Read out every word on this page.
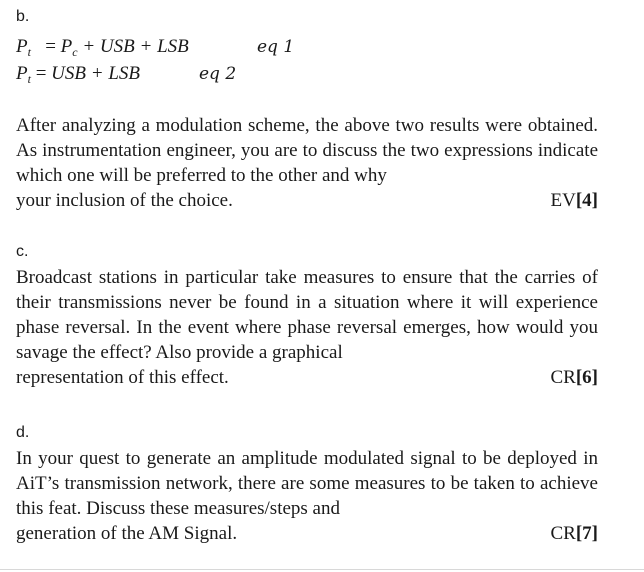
b.
$P_t = P_c$ + USB + LSB	eq 1
$P_t$ = USB + LSB	eq 2

After analyzing a modulation scheme, the above two results were obtained. As instrumentation engineer, you are to discuss the two expressions indicate which one will be preferred to the other and why

your inclusion of the choice.	EV[4]
c.

Broadcast stations in particular take measures to ensure that the carries of their transmissions never be found in a situation where it will experience phase reversal. In the event where phase reversal emerges, how would you savage the effect? Also provide a graphical

representation of this effect.	CR[6]
d.

In your quest to generate an amplitude modulated signal to be deployed in AiT’s transmission network, there are some measures to be taken to achieve this feat. Discuss these measures/steps and

generation of the AM Signal.	CR[7]
